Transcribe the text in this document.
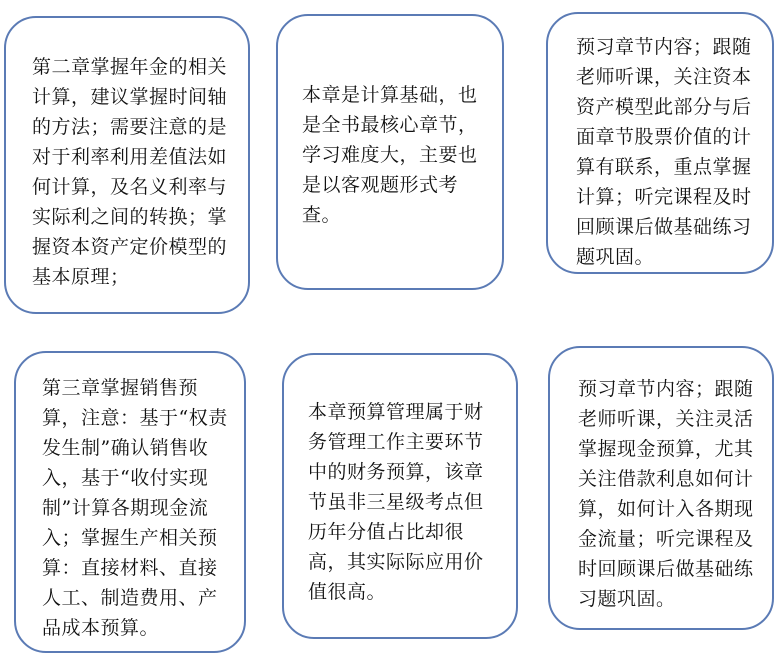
第二章掌握年金的相关计算，建议掌握时间轴的方法；需要注意的是对于利率利用差值法如何计算，及名义利率与实际利之间的转换；掌握资本资产定价模型的基本原理；
本章是计算基础，也是全书最核心章节，学习难度大，主要也是以客观题形式考查。
预习章节内容；跟随老师听课，关注资本资产模型此部分与后面章节股票价值的计算有联系，重点掌握计算；听完课程及时回顾课后做基础练习题巩固。
第三章掌握销售预算，注意：基于“权责发生制”确认销售收入，基于“收付实现制”计算各期现金流入；掌握生产相关预算：直接材料、直接人工、制造费用、产品成本预算。
本章预算管理属于财务管理工作主要环节中的财务预算，该章节虽非三星级考点但历年分值占比却很高，其实际际应用价值很高。
预习章节内容；跟随老师听课，关注灵活掌握现金预算，尤其关注借款利息如何计算，如何计入各期现金流量；听完课程及时回顾课后做基础练习题巩固。
